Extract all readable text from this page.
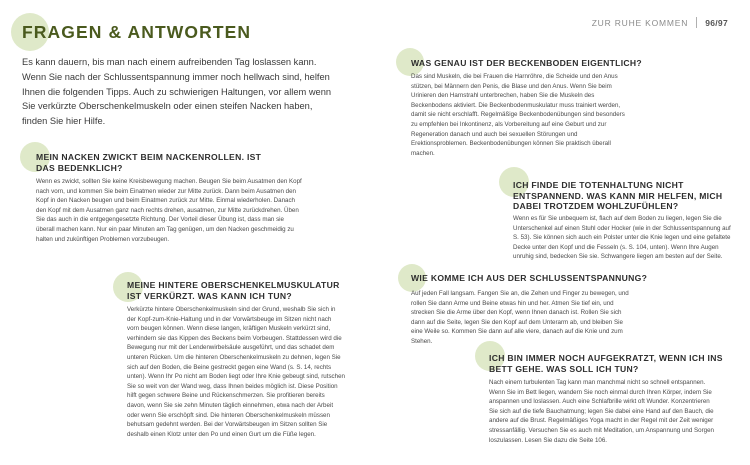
ZUR RUHE KOMMEN 96/97
FRAGEN & ANTWORTEN
Es kann dauern, bis man nach einem aufreibenden Tag loslassen kann. Wenn Sie nach der Schlussentspannung immer noch hellwach sind, helfen Ihnen die folgenden Tipps. Auch zu schwierigen Haltungen, vor allem wenn Sie verkürzte Oberschenkelmuskeln oder einen steifen Nacken haben, finden Sie hier Hilfe.
MEIN NACKEN ZWICKT BEIM NACKENROLLEN. IST DAS BEDENKLICH?
Wenn es zwickt, sollten Sie keine Kreisbewegung machen. Beugen Sie beim Ausatmen den Kopf nach vorn, und kommen Sie beim Einatmen wieder zur Mitte zurück. Dann beim Ausatmen den Kopf in den Nacken beugen und beim Einatmen zurück zur Mitte. Einmal wiederholen. Danach den Kopf mit dem Ausatmen ganz nach rechts drehen, ausatmen, zur Mitte zurückdrehen. Üben Sie das auch in die entgegengesetzte Richtung. Der Vorteil dieser Übung ist, dass man sie überall machen kann. Nur ein paar Minuten am Tag genügen, um den Nacken geschmeidig zu halten und zukünftigen Problemen vorzubeugen.
MEINE HINTERE OBERSCHENKELMUSKULATUR IST VERKÜRZT. WAS KANN ICH TUN?
Verkürzte hintere Oberschenkelmuskeln sind der Grund, weshalb Sie sich in der Kopf-zum-Knie-Haltung und in der Vorwärtsbeuge im Sitzen nicht nach vorn beugen können. Wenn diese langen, kräftigen Muskeln verkürzt sind, verhindern sie das Kippen des Beckens beim Vorbeugen. Stattdessen wird die Bewegung nur mit der Lendenwirbelsäule ausgeführt, und das schadet dem unteren Rücken. Um die hinteren Oberschenkelmuskeln zu dehnen, legen Sie sich auf den Boden, die Beine gestreckt gegen eine Wand (s. S. 14, rechts unten). Wenn Ihr Po nicht am Boden liegt oder Ihre Knie gebeugt sind, rutschen Sie so weit von der Wand weg, dass Ihnen beides möglich ist. Diese Position hilft gegen schwere Beine und Rückenschmerzen. Sie profitieren bereits davon, wenn Sie sie zehn Minuten täglich einnehmen, etwa nach der Arbeit oder wenn Sie erschöpft sind. Die hinteren Oberschenkelmuskeln müssen behutsam gedehnt werden. Bei der Vorwärtsbeugen im Sitzen sollten Sie deshalb einen Klotz unter den Po und einen Gurt um die Füße legen.
WAS GENAU IST DER BECKENBODEN EIGENTLICH?
Das sind Muskeln, die bei Frauen die Harnröhre, die Scheide und den Anus stützen, bei Männern den Penis, die Blase und den Anus. Wenn Sie beim Urinieren den Harnstrahl unterbrechen, haben Sie die Muskeln des Beckenbodens aktiviert. Die Beckenbodenmuskulatur muss trainiert werden, damit sie nicht erschlafft. Regelmäßige Beckenbodenübungen sind besonders zu empfehlen bei Inkontinenz, als Vorbereitung auf eine Geburt und zur Regeneration danach und auch bei sexuellen Störungen und Erektionsproblemen. Beckenbodenübungen können Sie praktisch überall machen.
ICH FINDE DIE TOTENHALTUNG NICHT ENTSPANNEND. WAS KANN MIR HELFEN, MICH DABEI TROTZDEM WOHLZUFÜHLEN?
Wenn es für Sie unbequem ist, flach auf dem Boden zu liegen, legen Sie die Unterschenkel auf einen Stuhl oder Hocker (wie in der Schlussentspannung auf S. 53). Sie können sich auch ein Polster unter die Knie legen und eine gefaltete Decke unter den Kopf und die Fesseln (s. S. 104, unten). Wenn Ihre Augen unruhig sind, bedecken Sie sie. Schwangere liegen am besten auf der Seite.
WIE KOMME ICH AUS DER SCHLUSSENTSPANNUNG?
Auf jeden Fall langsam. Fangen Sie an, die Zehen und Finger zu bewegen, und rollen Sie dann Arme und Beine etwas hin und her. Atmen Sie tief ein, und strecken Sie die Arme über den Kopf, wenn Ihnen danach ist. Rollen Sie sich dann auf die Seite, legen Sie den Kopf auf dem Unterarm ab, und bleiben Sie eine Weile so. Kommen Sie dann auf alle viere, danach auf die Knie und zum Stehen.
ICH BIN IMMER NOCH AUFGEKRATZT, WENN ICH INS BETT GEHE. WAS SOLL ICH TUN?
Nach einem turbulenten Tag kann man manchmal nicht so schnell entspannen. Wenn Sie im Bett liegen, wandern Sie noch einmal durch Ihren Körper, indem Sie anspannen und loslassen. Auch eine Schlafbrille wirkt oft Wunder. Konzentrieren Sie sich auf die tiefe Bauchatmung; legen Sie dabei eine Hand auf den Bauch, die andere auf die Brust. Regelmäßiges Yoga macht in der Regel mit der Zeit weniger stressanfällig. Versuchen Sie es auch mit Meditation, um Anspannung und Sorgen loszulassen. Lesen Sie dazu die Seite 106.
